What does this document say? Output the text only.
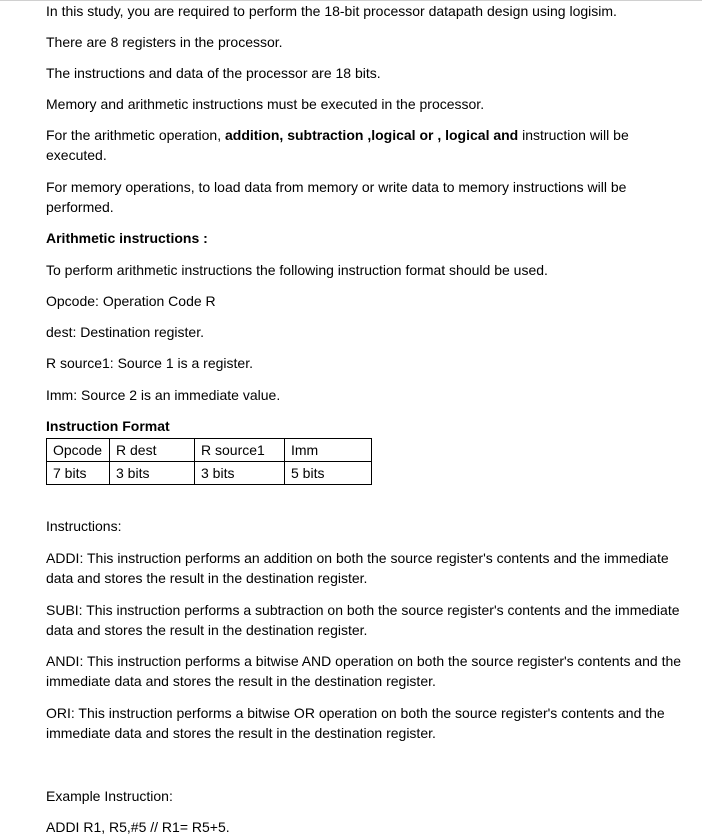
In this study, you are required to perform the 18-bit processor datapath design using logisim.

There are 8 registers in the processor.

The instructions and data of the processor are 18 bits.

Memory and arithmetic instructions must be executed in the processor.

For the arithmetic operation, addition, subtraction ,logical or , logical and instruction will be executed.

For memory operations, to load data from memory or write data to memory instructions will be performed.

Arithmetic instructions :

To perform arithmetic instructions the following instruction format should be used.

Opcode: Operation Code R

dest: Destination register.

R source1: Source 1 is a register.

Imm: Source 2 is an immediate value.

Instruction Format

Opcode	R dest	R source1	Imm
7 bits	3 bits	3 bits	5 bits

Instructions:

ADDI: This instruction performs an addition on both the source register's contents and the immediate data and stores the result in the destination register.

SUBI: This instruction performs a subtraction on both the source register's contents and the immediate data and stores the result in the destination register.

ANDI: This instruction performs a bitwise AND operation on both the source register's contents and the immediate data and stores the result in the destination register.

ORI: This instruction performs a bitwise OR operation on both the source register's contents and the immediate data and stores the result in the destination register.

Example Instruction:

ADDI R1, R5,#5 // R1= R5+5.
